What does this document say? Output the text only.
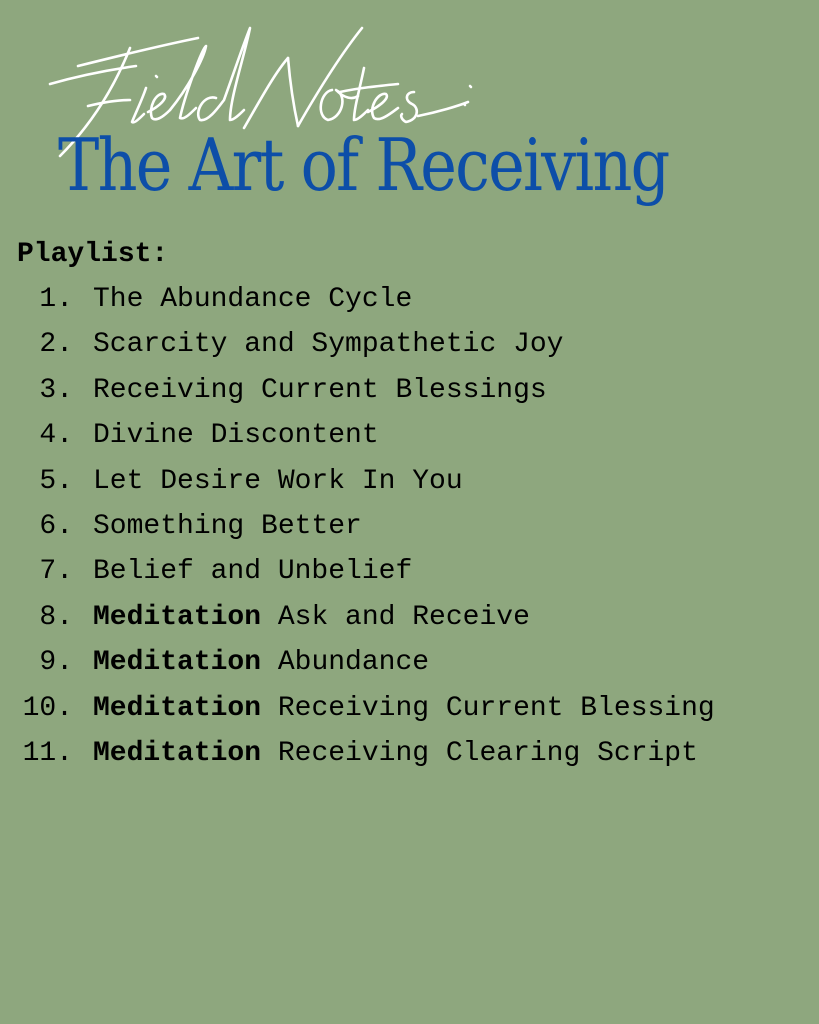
The Art of Receiving
Playlist:
1. The Abundance Cycle
2. Scarcity and Sympathetic Joy
3. Receiving Current Blessings
4. Divine Discontent
5. Let Desire Work In You
6. Something Better
7. Belief and Unbelief
8. Meditation Ask and Receive
9. Meditation Abundance
10. Meditation Receiving Current Blessing
11. Meditation Receiving Clearing Script
